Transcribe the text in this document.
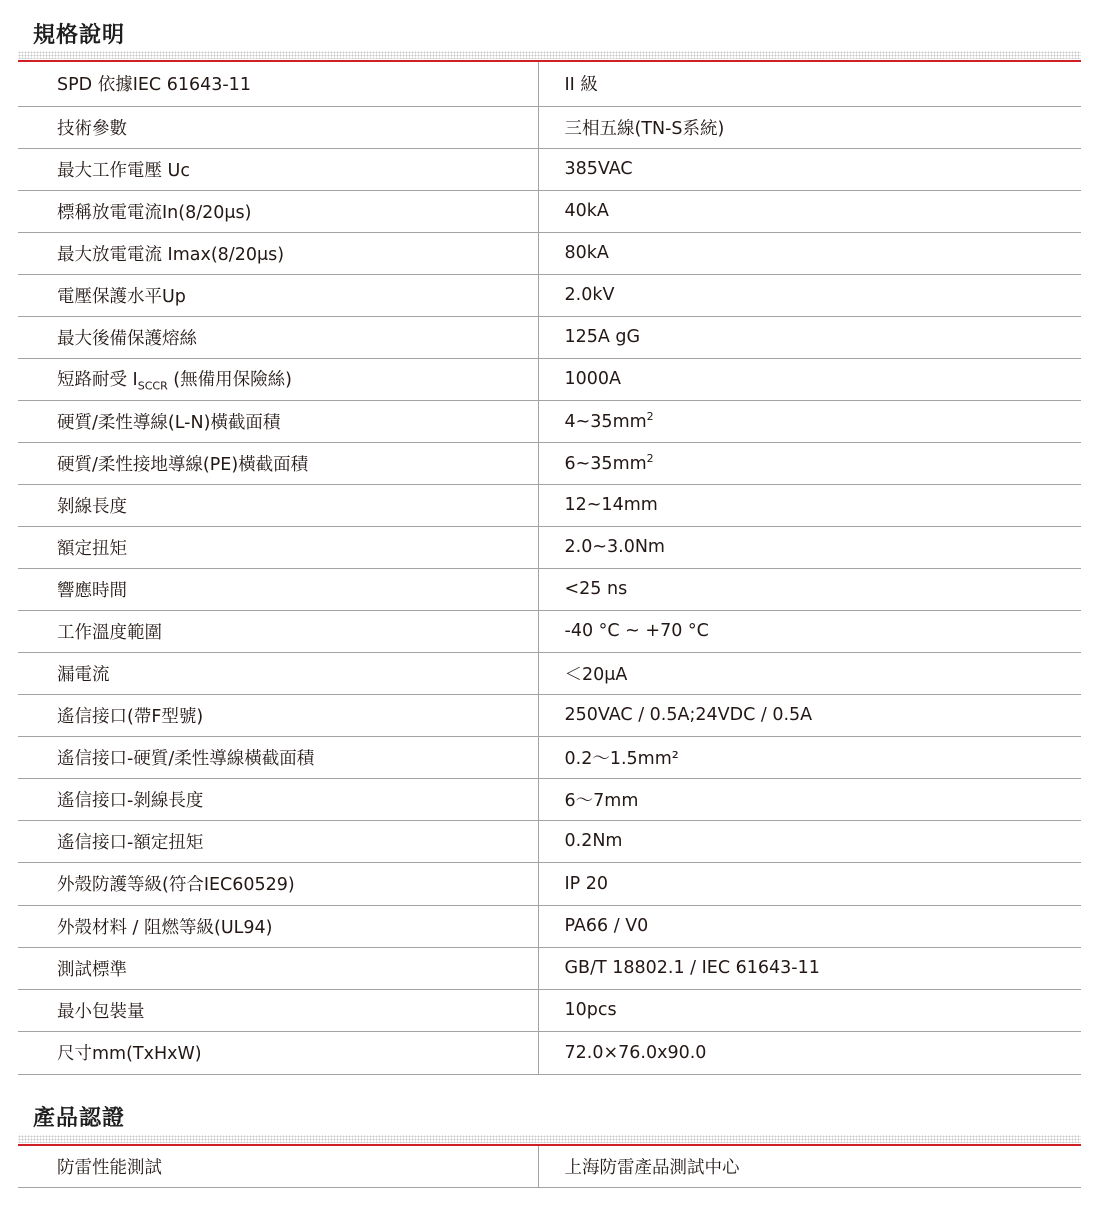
規格說明
SPD 依據IEC 61643-11	II 級
技術參數	三相五線(TN-S系統)
最大工作電壓 Uc	385VAC
標稱放電電流In(8/20μs)	40kA
最大放電電流 Imax(8/20μs)	80kA
電壓保護水平Up	2.0kV
最大後備保護熔絲	125A gG
短路耐受 $I_{SCCR}$ (無備用保險絲)	1000A
硬質/柔性導線(L-N)橫截面積	$4\sim 35mm^2$
硬質/柔性接地導線(PE)橫截面積	$6\sim 35mm^2$
剝線長度	12~14mm
額定扭矩	2.0~3.0Nm
響應時間	<25 ns
工作溫度範圍	-40 °C ~ +70 °C
漏電流	＜20μA
遙信接口(帶F型號)	250VAC / 0.5A;24VDC / 0.5A
遙信接口-硬質/柔性導線橫截面積	0.2～1.5mm²
遙信接口-剝線長度	6～7mm
遙信接口-額定扭矩	0.2Nm
外殼防護等級(符合IEC60529)	IP 20
外殼材料 / 阻燃等級(UL94)	PA66 / V0
測試標準	GB/T 18802.1 / IEC 61643-11
最小包裝量	10pcs
尺寸mm(TxHxW)	72.0×76.0x90.0
產品認證
防雷性能測試	上海防雷產品測試中心
